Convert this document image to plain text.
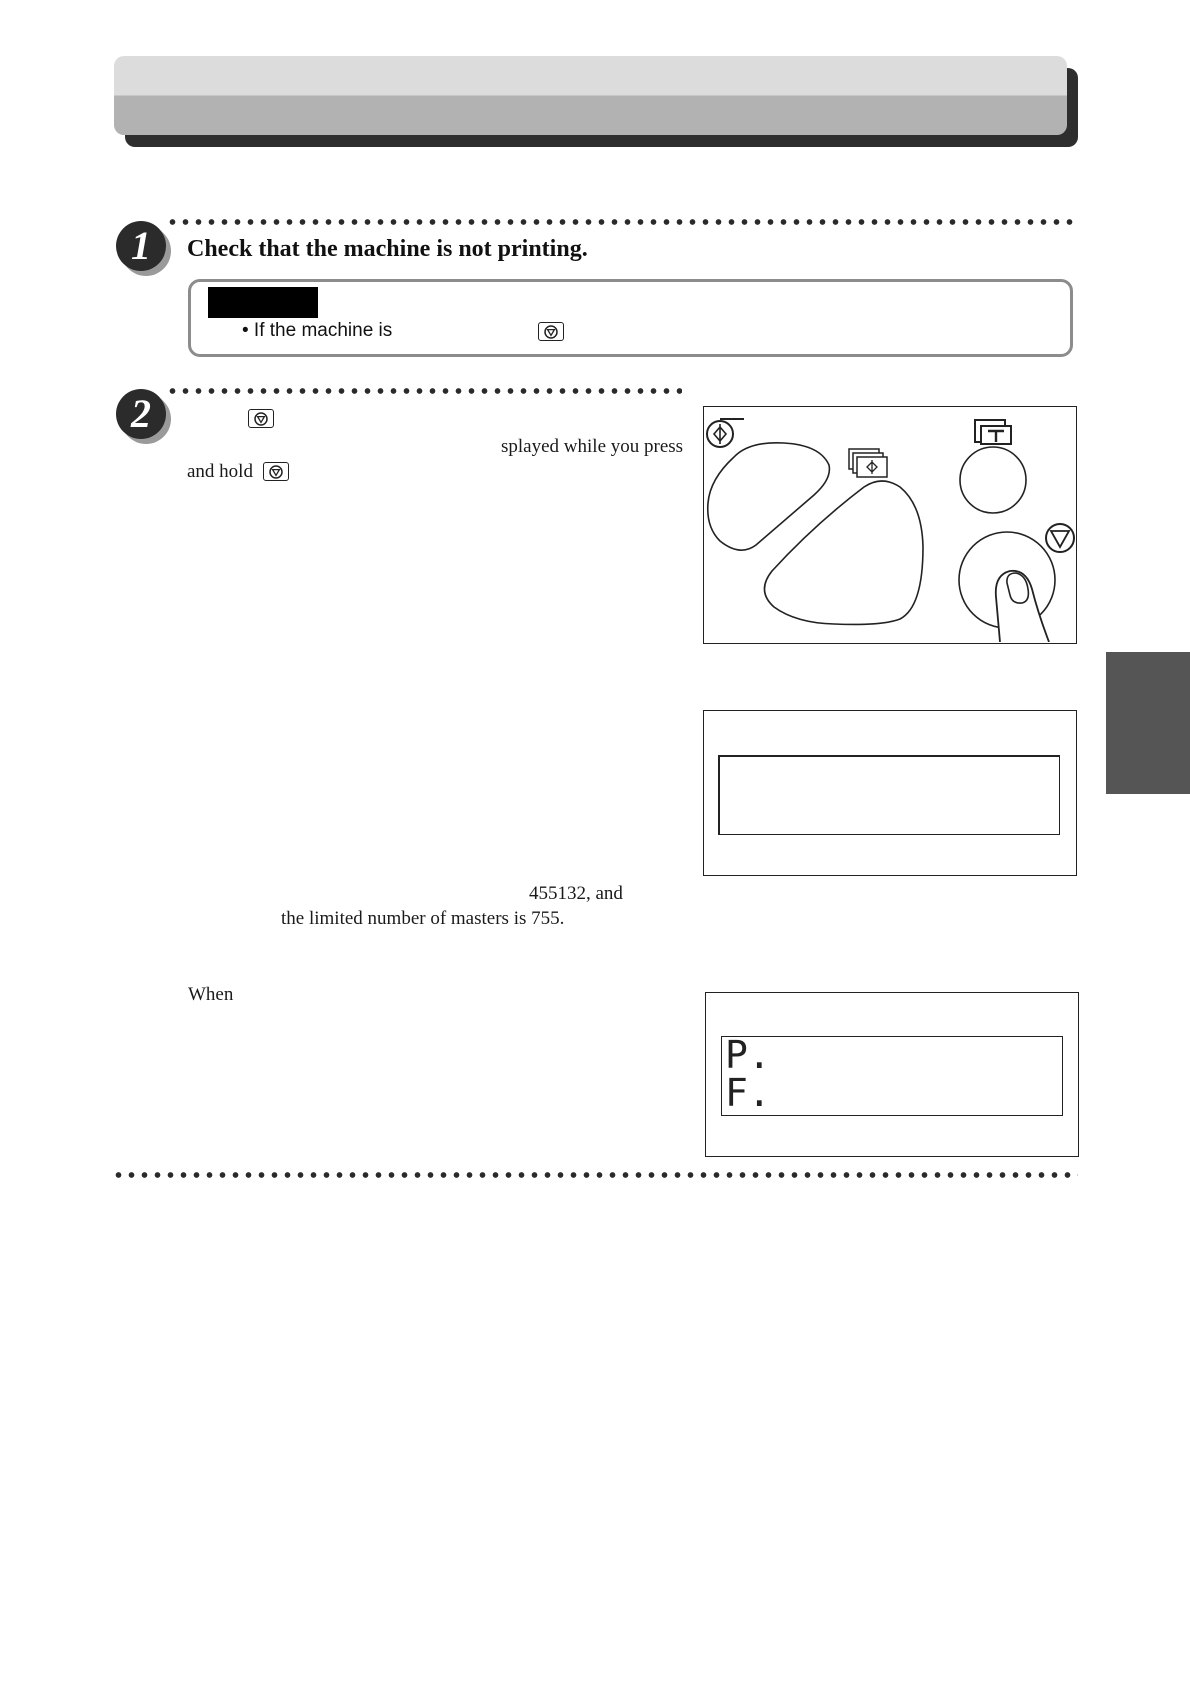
1	Check that the machine is not printing.
• If the machine is
2
splayed while you press
and hold
455132, and
the limited number of masters is 755.
When
P.
F.
